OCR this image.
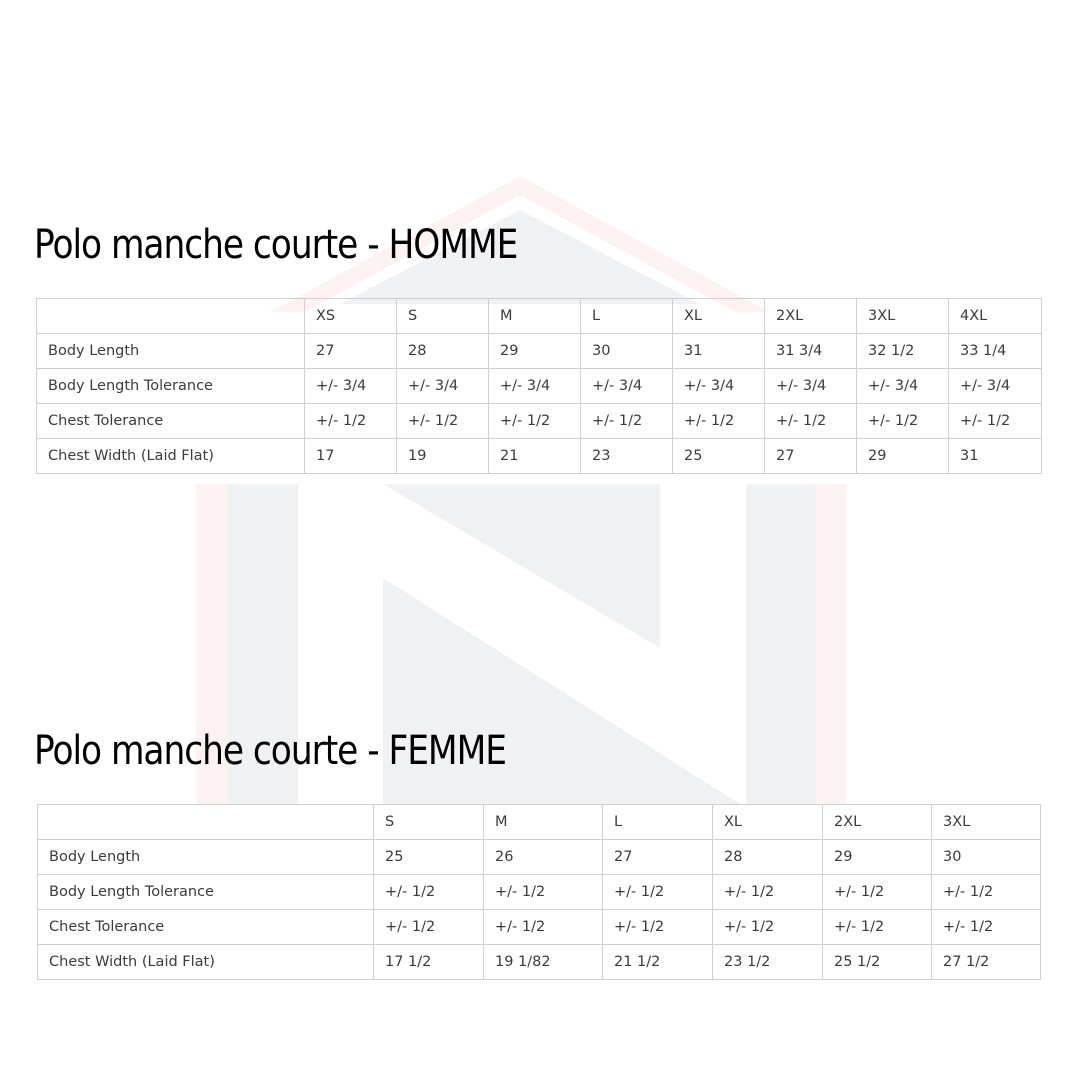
Polo manche courte - HOMME
	XS	S	M	L	XL	2XL	3XL	4XL
Body Length	27	28	29	30	31	31 3/4	32 1/2	33 1/4
Body Length Tolerance	+/- 3/4	+/- 3/4	+/- 3/4	+/- 3/4	+/- 3/4	+/- 3/4	+/- 3/4	+/- 3/4
Chest Tolerance	+/- 1/2	+/- 1/2	+/- 1/2	+/- 1/2	+/- 1/2	+/- 1/2	+/- 1/2	+/- 1/2
Chest Width (Laid Flat)	17	19	21	23	25	27	29	31
Polo manche courte - FEMME
	S	M	L	XL	2XL	3XL
Body Length	25	26	27	28	29	30
Body Length Tolerance	+/- 1/2	+/- 1/2	+/- 1/2	+/- 1/2	+/- 1/2	+/- 1/2
Chest Tolerance	+/- 1/2	+/- 1/2	+/- 1/2	+/- 1/2	+/- 1/2	+/- 1/2
Chest Width (Laid Flat)	17 1/2	19 1/82	21 1/2	23 1/2	25 1/2	27 1/2
